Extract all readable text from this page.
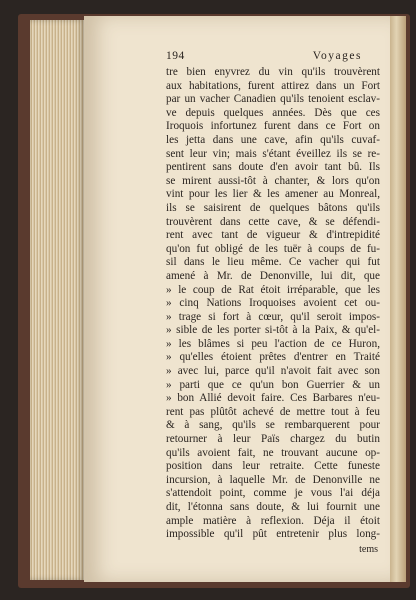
194	Voyages
tre bien enyvrez du vin qu'ils trouvèrent
aux habitations, furent attirez dans un Fort
par un vacher Canadien qu'ils tenoient esclav-
ve depuis quelques années. Dès que ces
Iroquois infortunez furent dans ce Fort on
les jetta dans une cave, afin qu'ils cuvaf-
sent leur vin; mais s'étant éveillez ils se re-
pentirent sans doute d'en avoir tant bû. Ils
se mirent aussi-tôt à chanter, & lors qu'on
vint pour les lier & les amener au Monreal,
ils se saisirent de quelques bâtons qu'ils
trouvèrent dans cette cave, & se défendi-
rent avec tant de vigueur & d'intrepidité
qu'on fut obligé de les tuër à coups de fu-
sil dans le lieu même. Ce vacher qui fut
amené à Mr. de Denonville, lui dit, que
» le coup de Rat étoit irréparable, que les
» cinq Nations Iroquoises avoient cet ou-
» trage si fort à cœur, qu'il seroit impos-
» sible de les porter si-tôt à la Paix, & qu'el-
» les blâmes si peu l'action de ce Huron,
» qu'elles étoient prêtes d'entrer en Traité
» avec lui, parce qu'il n'avoit fait avec son
» parti que ce qu'un bon Guerrier & un
» bon Allié devoit faire. Ces Barbares n'eu-
rent pas plûtôt achevé de mettre tout à feu
& à sang, qu'ils se rembarquerent pour
retourner à leur Païs chargez du butin
qu'ils avoient fait, ne trouvant aucune op-
position dans leur retraite. Cette funeste
incursion, à laquelle Mr. de Denonville ne
s'attendoit point, comme je vous l'ai déja
dit, l'étonna sans doute, & lui fournit une
ample matière à reflexion. Déja il étoit
impossible qu'il pût entretenir plus long-
tems
